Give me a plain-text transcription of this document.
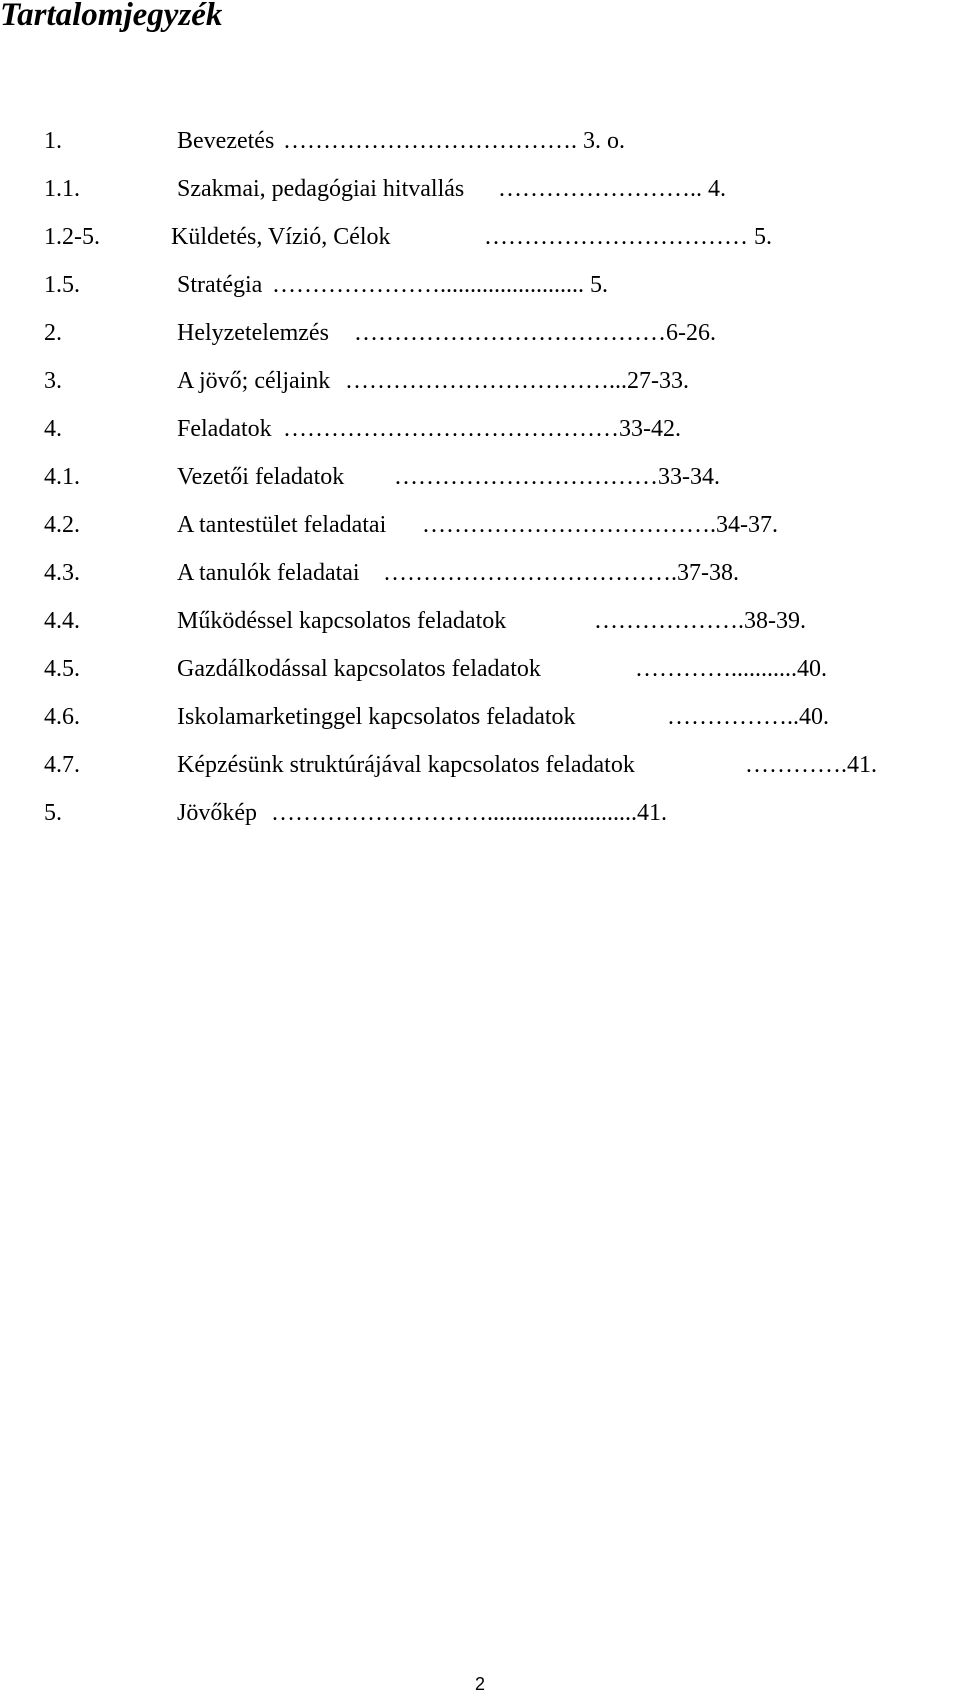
Tartalomjegyzék
1.	Bevezetés ………………………………. 3. o.
1.1.	Szakmai, pedagógiai hitvallás …………………….. 4.
1.2-5.	Küldetés, Vízió, Célok	…………………………… 5.
1.5.	Stratégia …………………........................ 5.
2.	Helyzetelemzés …………………………………6-26.
3.	A jövő; céljaink ……………………………...27-33.
4.	Feladatok ……………………………………33-42.
4.1.	Vezetői feladatok ……………………………33-34.
4.2.	A tantestület feladatai ……………………………….34-37.
4.3.	A tanulók feladatai ……………………………….37-38.
4.4.	Működéssel kapcsolatos feladatok	……………….38-39.
4.5.	Gazdálkodással kapcsolatos feladatok	…………...........40.
4.6.	Iskolamarketinggel kapcsolatos feladatok	……………..40.
4.7.	Képzésünk struktúrájával kapcsolatos feladatok	………….41.
5.	Jövőkép ……………………….........................41.
2
